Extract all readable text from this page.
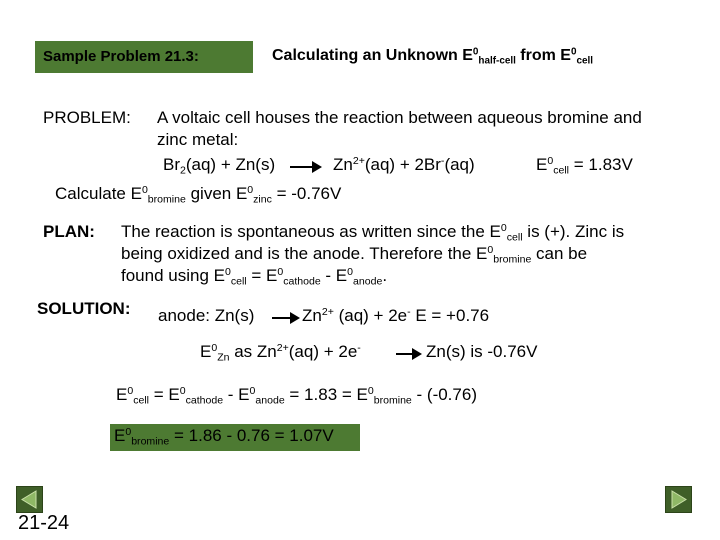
Sample Problem 21.3:	Calculating an Unknown $E^0_{half-cell}$ from $E^0_{cell}$
PROBLEM: A voltaic cell houses the reaction between aqueous bromine and
zinc metal:
$Br_2(aq) + Zn(s) \to Zn^{2+}(aq) + 2Br^-(aq)$	$E^0_{cell} = 1.83V$
Calculate $E^0_{bromine}$ given $E^0_{zinc} = -0.76V$
PLAN: The reaction is spontaneous as written since the $E^0_{cell}$ is (+). Zinc is
being oxidized and is the anode. Therefore the $E^0_{bromine}$ can be
found using $E^0_{cell} = E^0_{cathode} - E^0_{anode}$.
SOLUTION: anode: Zn(s)	$Zn^{2+}$ (aq) + 2e- E = +0.76
$E^0_{Zn}$ as $Zn^{2+}(aq) + 2e^-$	Zn(s) is -0.76V
$E^0_{cell} = E^0_{cathode} - E^0_{anode} = 1.83 = E^0_{bromine} - (-0.76)$
$E^0_{bromine} = 1.86 - 0.76 = 1.07V$
21-24
